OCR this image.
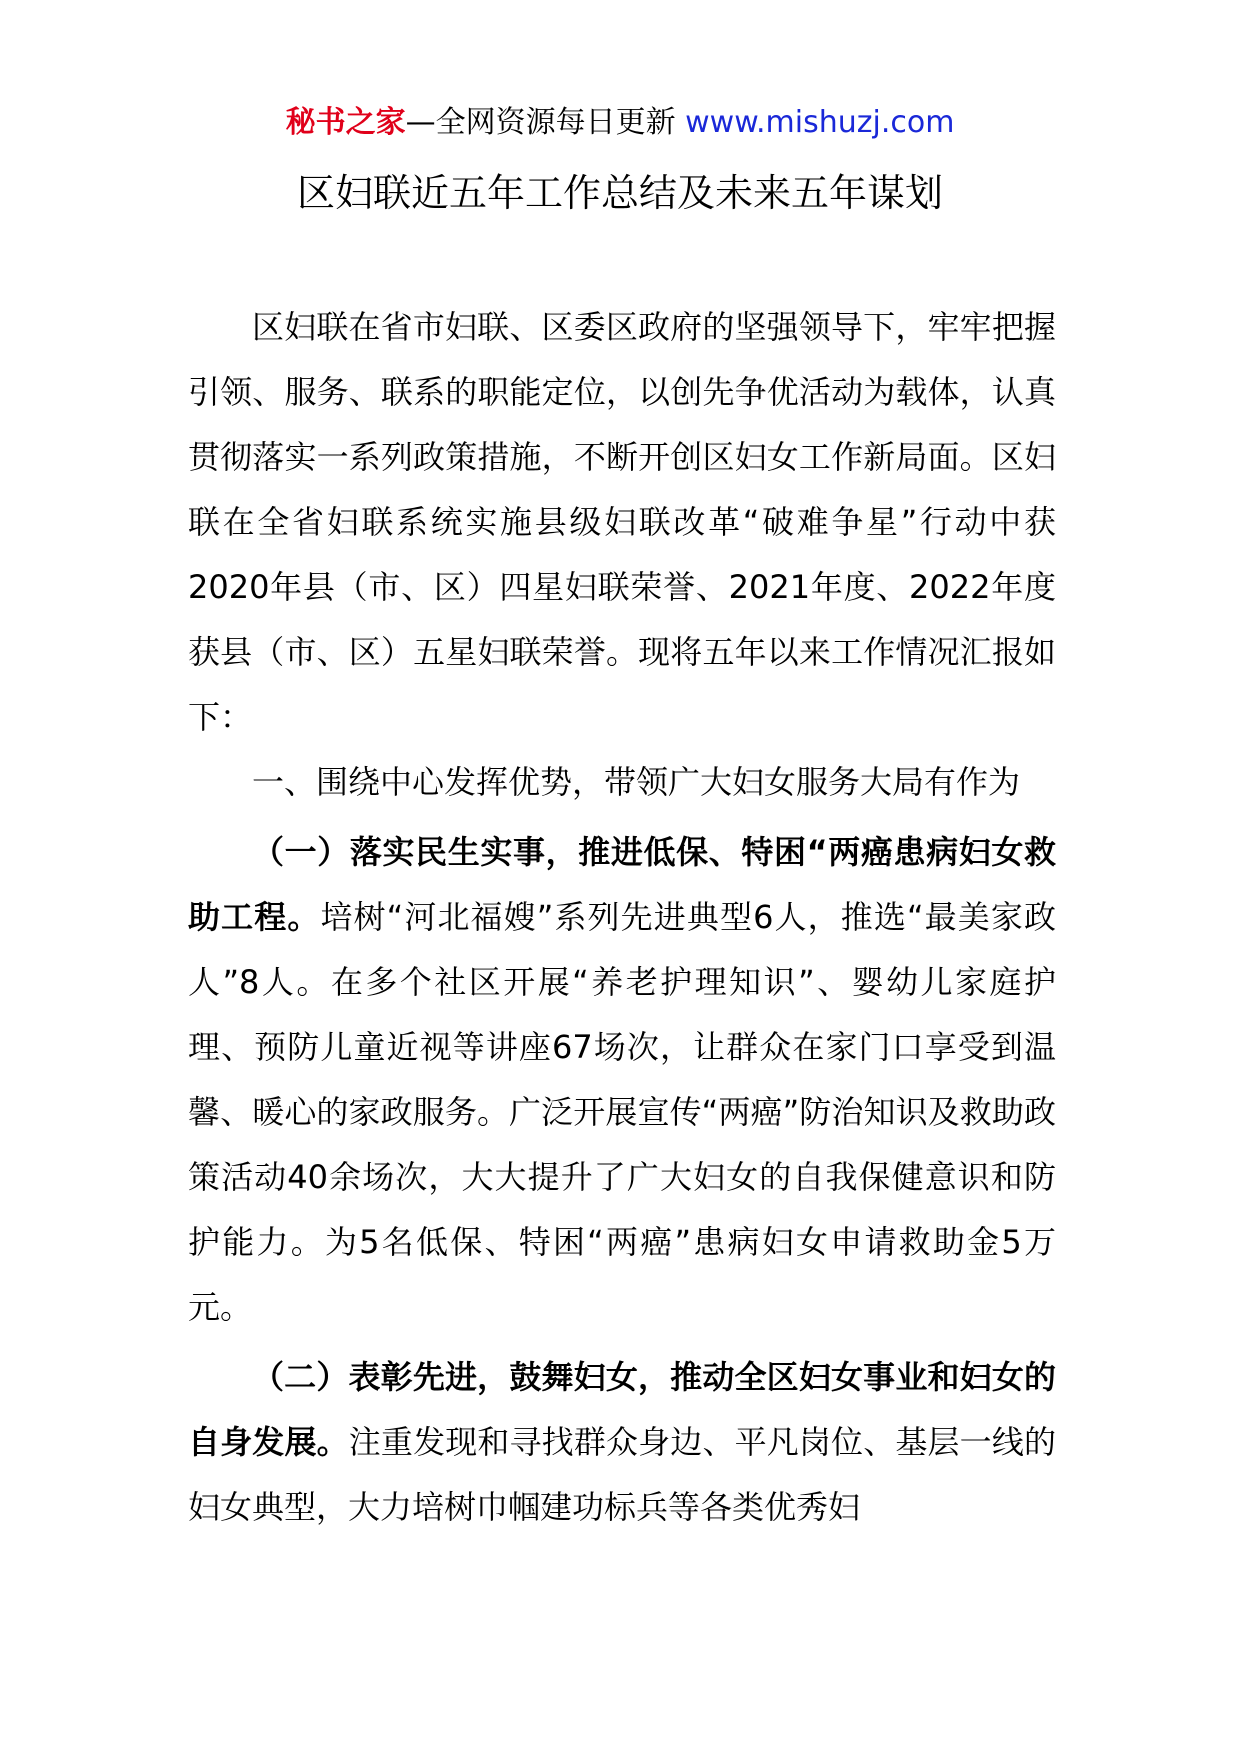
秘书之家—全网资源每日更新 www.mishuzj.com
区妇联近五年工作总结及未来五年谋划

区妇联在省市妇联、区委区政府的坚强领导下，牢牢把握引领、服务、联系的职能定位，以创先争优活动为载体，认真贯彻落实一系列政策措施，不断开创区妇女工作新局面。区妇联在全省妇联系统实施县级妇联改革“破难争星”行动中获2020年县（市、区）四星妇联荣誉、2021年度、2022年度获县（市、区）五星妇联荣誉。现将五年以来工作情况汇报如下：

一、围绕中心发挥优势，带领广大妇女服务大局有作为

（一）落实民生实事，推进低保、特困“两癌患病妇女救助工程。培树“河北福嫂”系列先进典型6人，推选“最美家政人”8人。在多个社区开展“养老护理知识”、婴幼儿家庭护理、预防儿童近视等讲座67场次，让群众在家门口享受到温馨、暖心的家政服务。广泛开展宣传“两癌”防治知识及救助政策活动40余场次，大大提升了广大妇女的自我保健意识和防护能力。为5名低保、特困“两癌”患病妇女申请救助金5万元。

（二）表彰先进，鼓舞妇女，推动全区妇女事业和妇女的自身发展。注重发现和寻找群众身边、平凡岗位、基层一线的妇女典型，大力培树巾帼建功标兵等各类优秀妇
